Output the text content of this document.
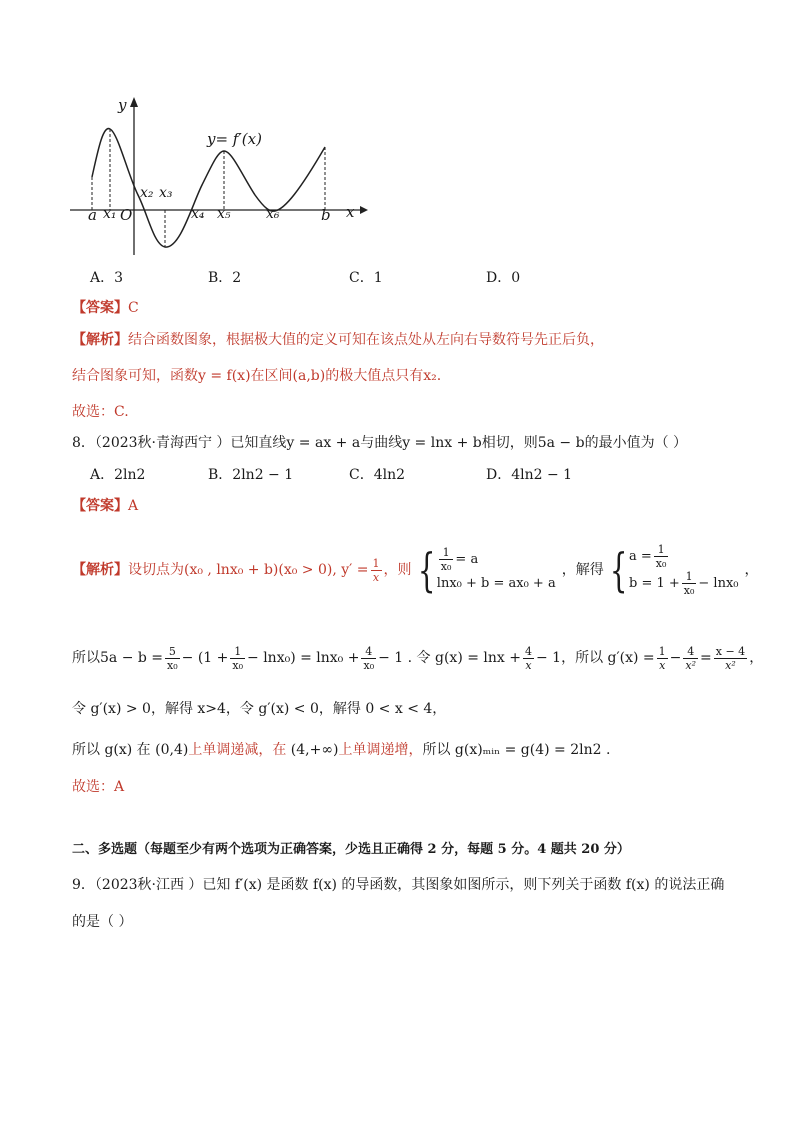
y
x
y= f′(x)
O
a x₁
x₂ x₃
x₄ x₅	x₆	b
A．3	B．2	C．1	D．0
【答案】C
【解析】结合函数图象，根据极大值的定义可知在该点处从左向右导数符号先正后负，
结合图象可知，函数y = f(x)在区间(a,b)的极大值点只有x₂.
故选：C.
8．（2023秋·青海西宁 ）已知直线y = ax + a与曲线y = lnx + b相切，则5a − b的最小值为（ ）
A．2ln2	B．2ln2 − 1	C．4ln2	D．4ln2 − 1
【答案】A
【解析】 设切点为(x₀ , lnx₀ + b)(x₀ > 0), $y' = \frac{1}{x}$ ，则 { $\frac{1}{\text{x₀}} = a$
lnx₀ + b = ax₀ + a
，解得 { $a = \frac{1}{\text{x₀}}$
$b = 1 + \frac{1}{\text{x₀}} - \ln x_0$
，
所以$5a - b = \frac{5}{\text{x₀}} - (1 + \frac{1}{\text{x₀}} - \ln x_0) = \ln x_0 + \frac{4}{\text{x₀}} - 1$ . 令 $g(x) = \ln x + \frac{4}{x} - 1$，所以 $g'(x) = \frac{1}{x} - \frac{4}{\text{x²}} = \frac{x - 4}{\text{x²}}$ ，
令 g′(x) > 0，解得 x>4，令 g′(x) < 0，解得 0 < x < 4，
所以 g(x) 在 (0,4)上单调递减，在 (4,+∞)上单调递增，所以 g(x)ₘᵢₙ = g(4) = 2ln2 .
故选：A
二、多选题（每题至少有两个选项为正确答案，少选且正确得 2 分，每题 5 分。4 题共 20 分）
9．（2023秋·江西 ）已知 f′(x) 是函数 f(x) 的导函数，其图象如图所示，则下列关于函数 f(x) 的说法正确
的是（ ）
